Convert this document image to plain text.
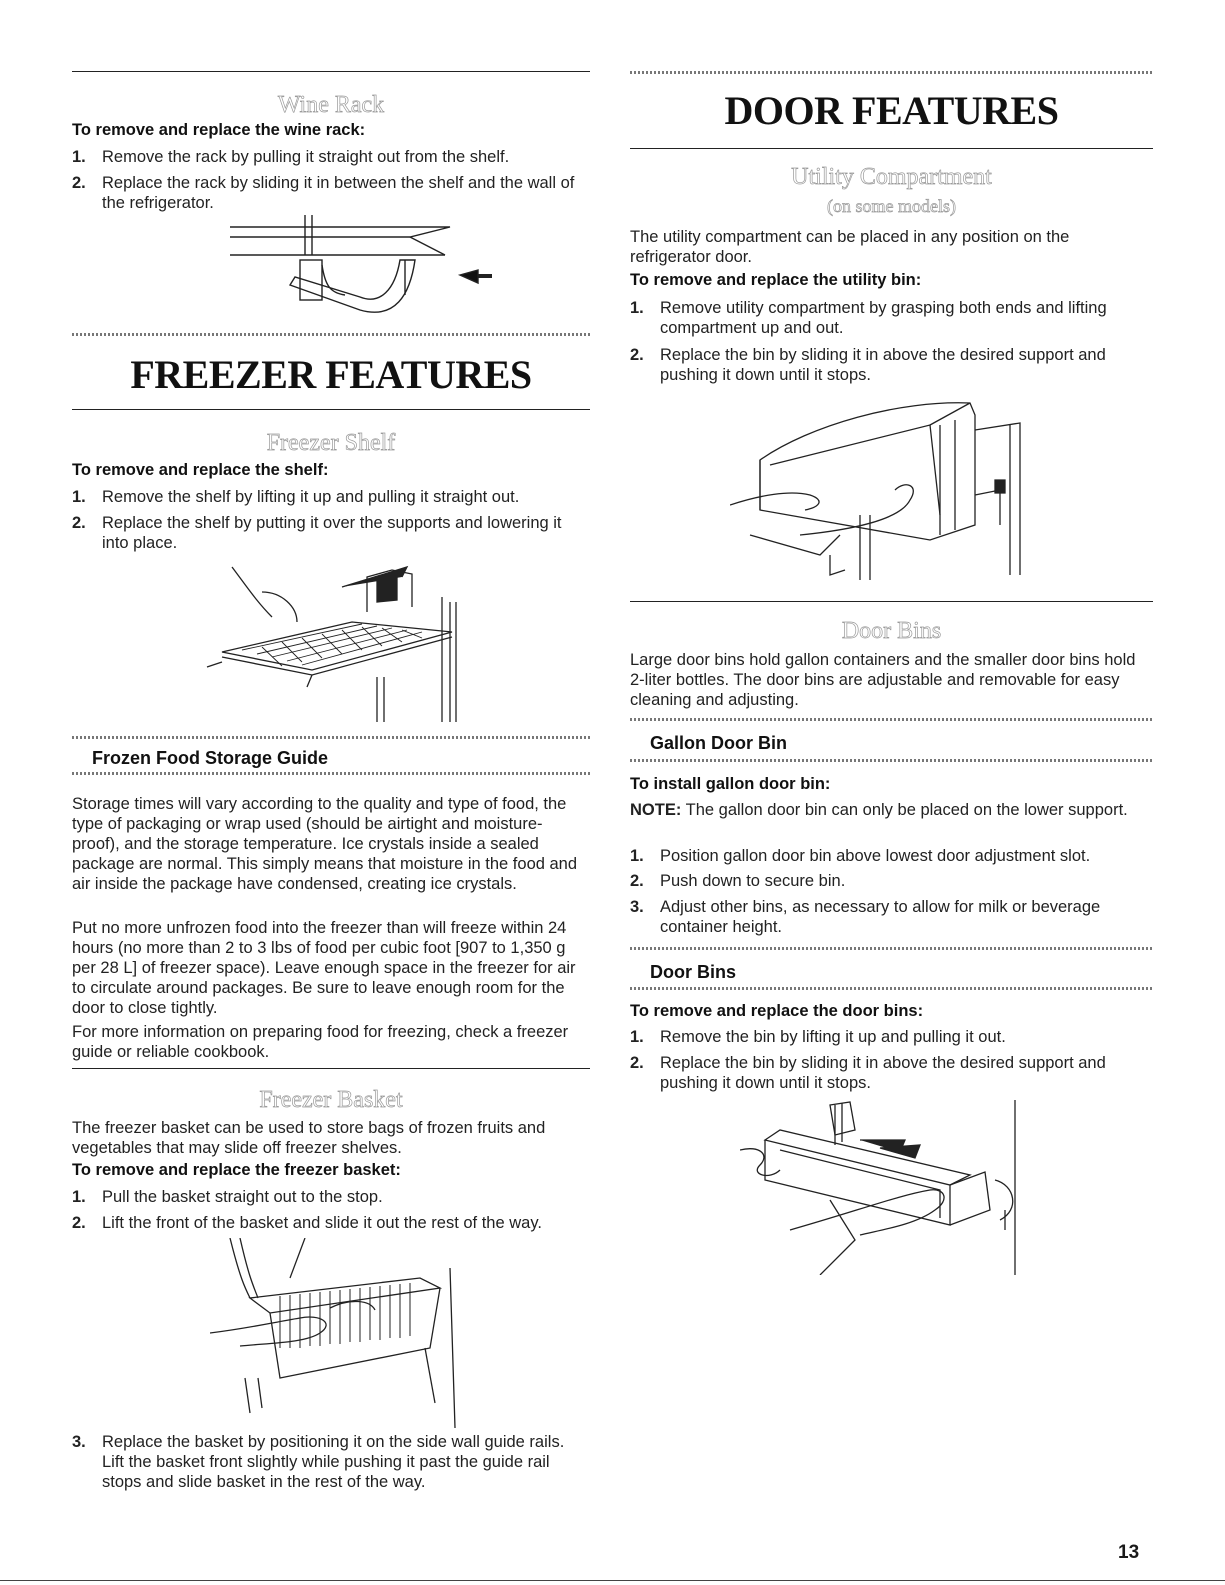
Wine Rack
To remove and replace the wine rack:
1. Remove the rack by pulling it straight out from the shelf.
2. Replace the rack by sliding it in between the shelf and the wall of the refrigerator.
FREEZER FEATURES
Freezer Shelf
To remove and replace the shelf:
1. Remove the shelf by lifting it up and pulling it straight out.
2. Replace the shelf by putting it over the supports and lowering it into place.
Frozen Food Storage Guide

Storage times will vary according to the quality and type of food, the type of packaging or wrap used (should be airtight and moisture-proof), and the storage temperature. Ice crystals inside a sealed package are normal. This simply means that moisture in the food and air inside the package have condensed, creating ice crystals.

Put no more unfrozen food into the freezer than will freeze within 24 hours (no more than 2 to 3 lbs of food per cubic foot [907 to 1,350 g per 28 L] of freezer space). Leave enough space in the freezer for air to circulate around packages. Be sure to leave enough room for the door to close tightly.

For more information on preparing food for freezing, check a freezer guide or reliable cookbook.

Freezer Basket
The freezer basket can be used to store bags of frozen fruits and vegetables that may slide off freezer shelves.
To remove and replace the freezer basket:
1. Pull the basket straight out to the stop.
2. Lift the front of the basket and slide it out the rest of the way.
3. Replace the basket by positioning it on the side wall guide rails. Lift the basket front slightly while pushing it past the guide rail stops and slide basket in the rest of the way.
DOOR FEATURES
Utility Compartment
(on some models)
The utility compartment can be placed in any position on the refrigerator door.
To remove and replace the utility bin:
1. Remove utility compartment by grasping both ends and lifting compartment up and out.
2. Replace the bin by sliding it in above the desired support and pushing it down until it stops.
Door Bins
Large door bins hold gallon containers and the smaller door bins hold 2-liter bottles. The door bins are adjustable and removable for easy cleaning and adjusting.
Gallon Door Bin
To install gallon door bin:
NOTE: The gallon door bin can only be placed on the lower support.
1. Position gallon door bin above lowest door adjustment slot.
2. Push down to secure bin.
3. Adjust other bins, as necessary to allow for milk or beverage container height.
Door Bins
To remove and replace the door bins:
1. Remove the bin by lifting it up and pulling it out.
2. Replace the bin by sliding it in above the desired support and pushing it down until it stops.
13
